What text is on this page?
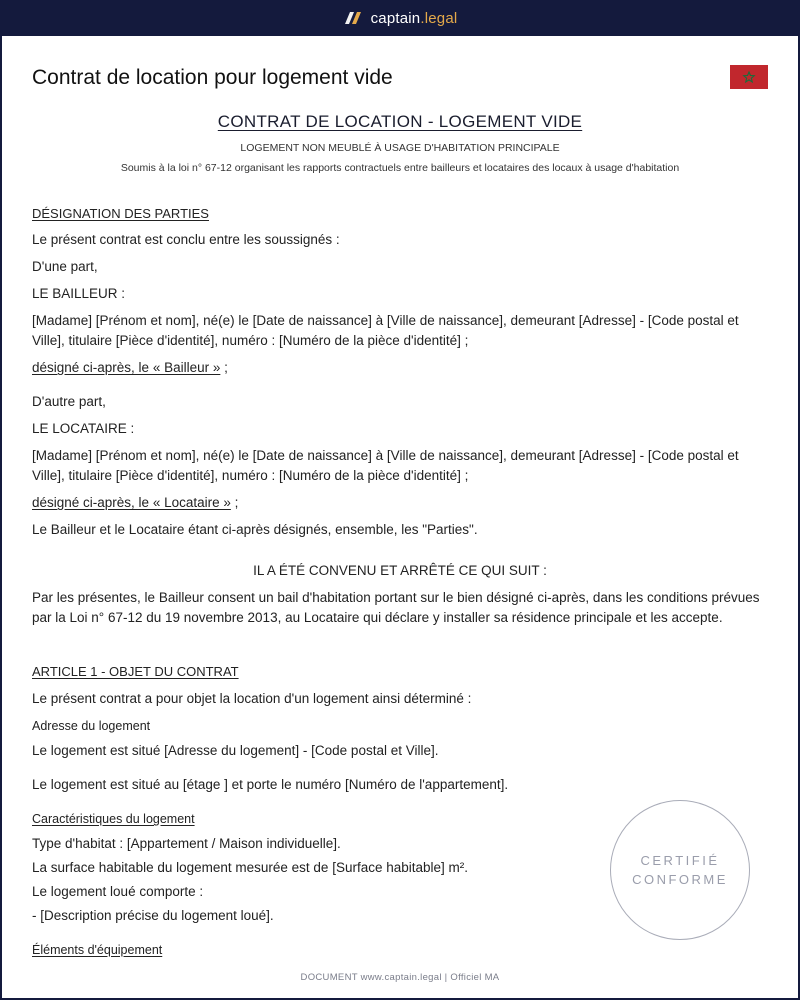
captain.legal
Contrat de location pour logement vide
CONTRAT DE LOCATION - LOGEMENT VIDE
LOGEMENT NON MEUBLÉ À USAGE D'HABITATION PRINCIPALE
Soumis à la loi n° 67-12 organisant les rapports contractuels entre bailleurs et locataires des locaux à usage d'habitation
DÉSIGNATION DES PARTIES
Le présent contrat est conclu entre les soussignés :
D'une part,
LE BAILLEUR :
[Madame] [Prénom et nom], né(e) le [Date de naissance] à [Ville de naissance], demeurant [Adresse] - [Code postal et Ville], titulaire [Pièce d'identité], numéro : [Numéro de la pièce d'identité] ;
désigné ci-après, le « Bailleur » ;
D'autre part,
LE LOCATAIRE :
[Madame] [Prénom et nom], né(e) le [Date de naissance] à [Ville de naissance], demeurant [Adresse] - [Code postal et Ville], titulaire [Pièce d'identité], numéro : [Numéro de la pièce d'identité] ;
désigné ci-après, le « Locataire » ;
Le Bailleur et le Locataire étant ci-après désignés, ensemble, les "Parties".
IL A ÉTÉ CONVENU ET ARRÊTÉ CE QUI SUIT :
Par les présentes, le Bailleur consent un bail d'habitation portant sur le bien désigné ci-après, dans les conditions prévues par la Loi n° 67-12 du 19 novembre 2013, au Locataire qui déclare y installer sa résidence principale et les accepte.
ARTICLE 1 - OBJET DU CONTRAT
Le présent contrat a pour objet la location d'un logement ainsi déterminé :
Adresse du logement
Le logement est situé [Adresse du logement] - [Code postal et Ville].
Le logement est situé au [étage ] et porte le numéro [Numéro de l'appartement].
Caractéristiques du logement
Type d'habitat : [Appartement / Maison individuelle].
La surface habitable du logement mesurée est de [Surface habitable] m².
Le logement loué comporte :
- [Description précise du logement loué].
Éléments d'équipement
CERTIFIÉ
CONFORME
DOCUMENT www.captain.legal | Officiel MA
